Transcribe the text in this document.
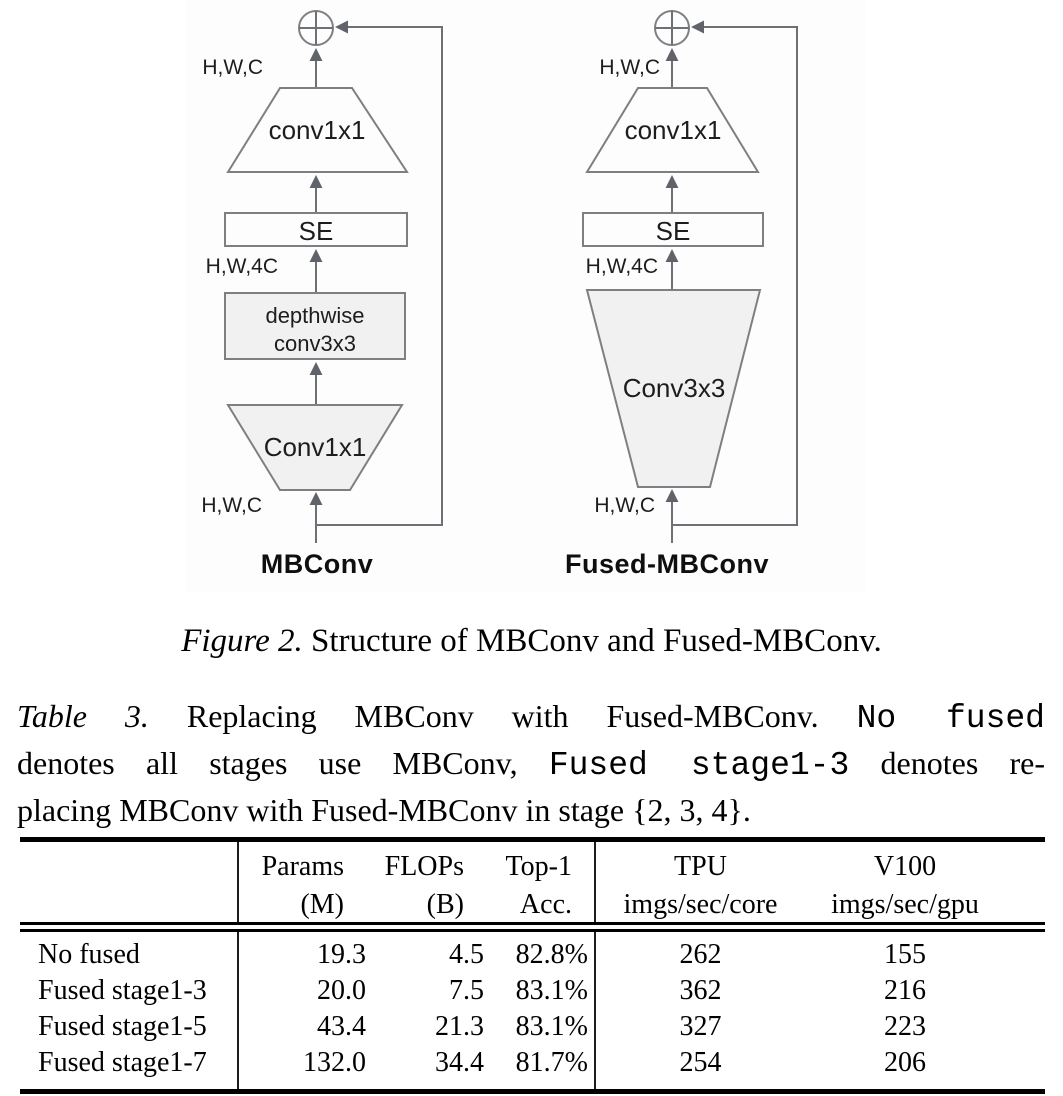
H,W,C
conv1x1
SE
H,W,4C
depthwise
conv3x3
Conv1x1
H,W,C
MBConv
H,W,C
conv1x1
SE
H,W,4C
Conv3x3
H,W,C
Fused-MBConv
Figure 2. Structure of MBConv and Fused-MBConv.
Table 3. Replacing MBConv with Fused-MBConv. No fused
denotes all stages use MBConv, Fused stage1-3 denotes re-
placing MBConv with Fused-MBConv in stage {2, 3, 4}.
	Params	FLOPs	Top-1	TPU	V100
	(M)	(B)	Acc.	imgs/sec/core	imgs/sec/gpu
No fused	19.3	4.5	82.8%	262	155
Fused stage1-3	20.0	7.5	83.1%	362	216
Fused stage1-5	43.4	21.3	83.1%	327	223
Fused stage1-7	132.0	34.4	81.7%	254	206
